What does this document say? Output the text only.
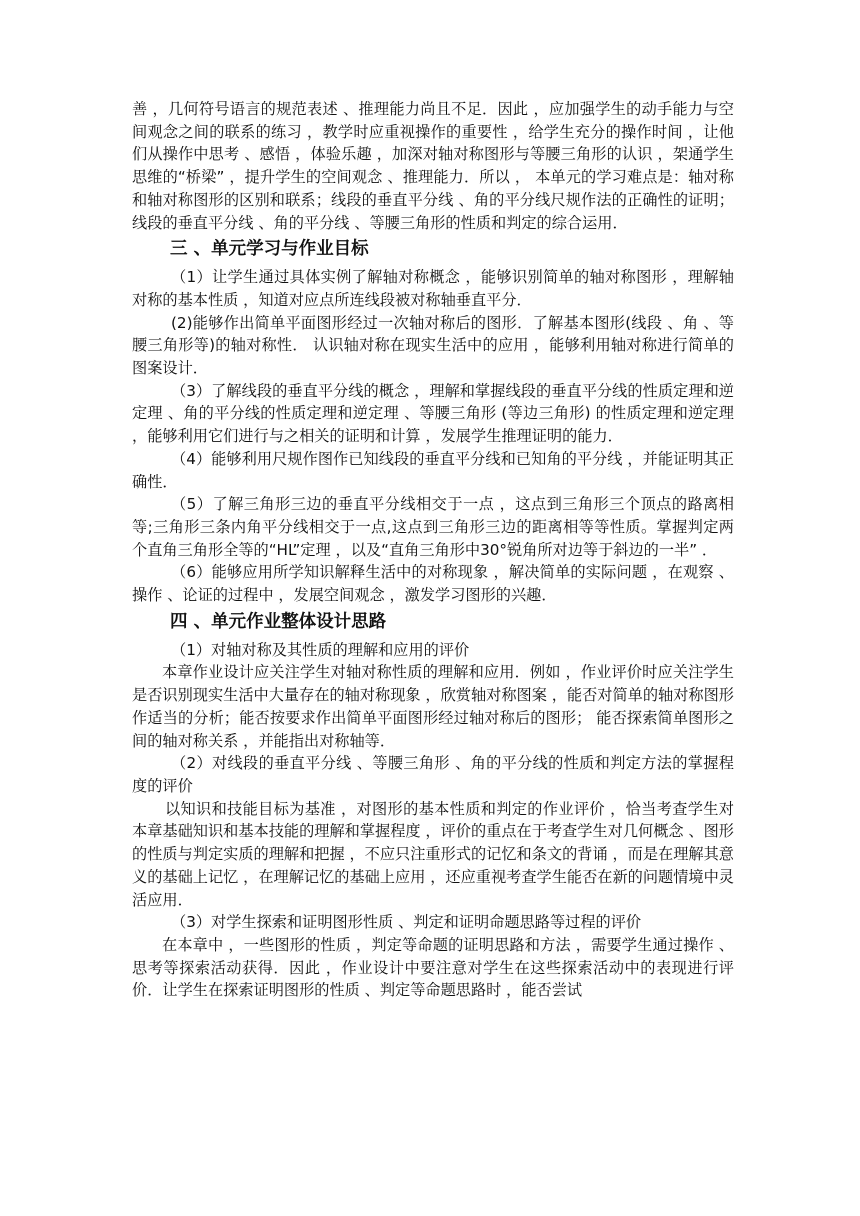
善 ，几何符号语言的规范表述 、推理能力尚且不足．因此 ，应加强学生的动手能力与空间观念之间的联系的练习 ，教学时应重视操作的重要性 ，给学生充分的操作时间 ，让他们从操作中思考 、感悟 ，体验乐趣 ，加深对轴对称图形与等腰三角形的认识 ，架通学生思维的“桥梁” ，提升学生的空间观念 、推理能力．所以 ， 本单元的学习难点是：轴对称和轴对称图形的区别和联系；线段的垂直平分线 、角的平分线尺规作法的正确性的证明；线段的垂直平分线 、角的平分线 、等腰三角形的性质和判定的综合运用．

三 、单元学习与作业目标

（1）让学生通过具体实例了解轴对称概念 ，能够识别简单的轴对称图形 ，理解轴对称的基本性质 ，知道对应点所连线段被对称轴垂直平分．

(2)能够作出简单平面图形经过一次轴对称后的图形．了解基本图形(线段 、角 、等腰三角形等)的轴对称性． 认识轴对称在现实生活中的应用 ，能够利用轴对称进行简单的图案设计．

（3）了解线段的垂直平分线的概念 ，理解和掌握线段的垂直平分线的性质定理和逆定理 、角的平分线的性质定理和逆定理 、等腰三角形 (等边三角形) 的性质定理和逆定理 ，能够利用它们进行与之相关的证明和计算 ，发展学生推理证明的能力．

（4）能够利用尺规作图作已知线段的垂直平分线和已知角的平分线 ，并能证明其正确性．

（5）了解三角形三边的垂直平分线相交于一点 ，这点到三角形三个顶点的路离相等;三角形三条内角平分线相交于一点,这点到三角形三边的距离相等等性质。掌握判定两个直角三角形全等的“HL”定理 ，以及“直角三角形中30°锐角所对边等于斜边的一半” ．

（6）能够应用所学知识解释生活中的对称现象 ，解决简单的实际问题 ，在观察 、操作 、论证的过程中 ，发展空间观念 ，激发学习图形的兴趣．

四 、单元作业整体设计思路

（1）对轴对称及其性质的理解和应用的评价

本章作业设计应关注学生对轴对称性质的理解和应用．例如 ，作业评价时应关注学生是否识别现实生活中大量存在的轴对称现象 ，欣赏轴对称图案 ，能否对简单的轴对称图形作适当的分析；能否按要求作出简单平面图形经过轴对称后的图形； 能否探索简单图形之间的轴对称关系 ，并能指出对称轴等．

（2）对线段的垂直平分线 、等腰三角形 、角的平分线的性质和判定方法的掌握程度的评价

以知识和技能目标为基准 ，对图形的基本性质和判定的作业评价 ，恰当考查学生对本章基础知识和基本技能的理解和掌握程度 ，评价的重点在于考查学生对几何概念 、图形的性质与判定实质的理解和把握 ，不应只注重形式的记忆和条文的背诵 ，而是在理解其意义的基础上记忆 ，在理解记忆的基础上应用 ，还应重视考查学生能否在新的问题情境中灵活应用．

（3）对学生探索和证明图形性质 、判定和证明命题思路等过程的评价

在本章中 ，一些图形的性质 ，判定等命题的证明思路和方法 ，需要学生通过操作 、思考等探索活动获得．因此 ，作业设计中要注意对学生在这些探索活动中的表现进行评价．让学生在探索证明图形的性质 、判定等命题思路时 ，能否尝试
